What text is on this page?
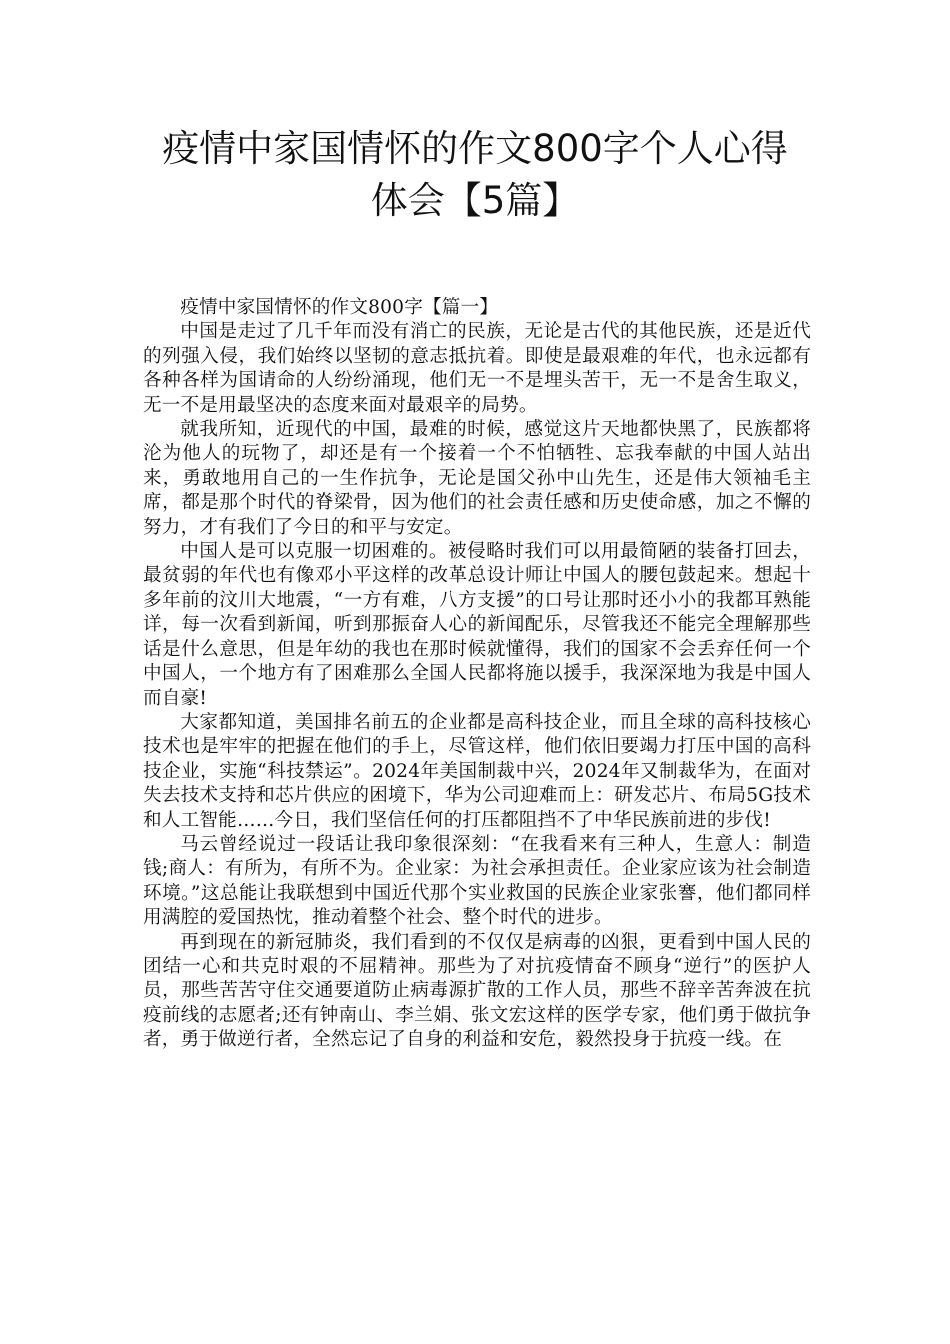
疫情中家国情怀的作文800字个人心得
体会【5篇】

疫情中家国情怀的作文800字【篇一】

中国是走过了几千年而没有消亡的民族，无论是古代的其他民族，还是近代的列强入侵，我们始终以坚韧的意志抵抗着。即使是最艰难的年代，也永远都有各种各样为国请命的人纷纷涌现，他们无一不是埋头苦干，无一不是舍生取义，无一不是用最坚决的态度来面对最艰辛的局势。

就我所知，近现代的中国，最难的时候，感觉这片天地都快黑了，民族都将沦为他人的玩物了，却还是有一个接着一个不怕牺牲、忘我奉献的中国人站出来，勇敢地用自己的一生作抗争，无论是国父孙中山先生，还是伟大领袖毛主席，都是那个时代的脊梁骨，因为他们的社会责任感和历史使命感，加之不懈的努力，才有我们了今日的和平与安定。

中国人是可以克服一切困难的。被侵略时我们可以用最简陋的装备打回去，最贫弱的年代也有像邓小平这样的改革总设计师让中国人的腰包鼓起来。想起十多年前的汶川大地震，“一方有难，八方支援”的口号让那时还小小的我都耳熟能详，每一次看到新闻，听到那振奋人心的新闻配乐，尽管我还不能完全理解那些话是什么意思，但是年幼的我也在那时候就懂得，我们的国家不会丢弃任何一个中国人，一个地方有了困难那么全国人民都将施以援手，我深深地为我是中国人而自豪!

大家都知道，美国排名前五的企业都是高科技企业，而且全球的高科技核心技术也是牢牢的把握在他们的手上，尽管这样，他们依旧要竭力打压中国的高科技企业，实施“科技禁运”。2024年美国制裁中兴，2024年又制裁华为，在面对失去技术支持和芯片供应的困境下，华为公司迎难而上：研发芯片、布局5G技术和人工智能……今日，我们坚信任何的打压都阻挡不了中华民族前进的步伐!

马云曾经说过一段话让我印象很深刻：“在我看来有三种人，生意人：制造钱;商人：有所为，有所不为。企业家：为社会承担责任。企业家应该为社会制造环境。”这总能让我联想到中国近代那个实业救国的民族企业家张謇，他们都同样用满腔的爱国热忱，推动着整个社会、整个时代的进步。

再到现在的新冠肺炎，我们看到的不仅仅是病毒的凶狠，更看到中国人民的团结一心和共克时艰的不屈精神。那些为了对抗疫情奋不顾身“逆行”的医护人员，那些苦苦守住交通要道防止病毒源扩散的工作人员，那些不辞辛苦奔波在抗疫前线的志愿者;还有钟南山、李兰娟、张文宏这样的医学专家，他们勇于做抗争者，勇于做逆行者，全然忘记了自身的利益和安危，毅然投身于抗疫一线。在
